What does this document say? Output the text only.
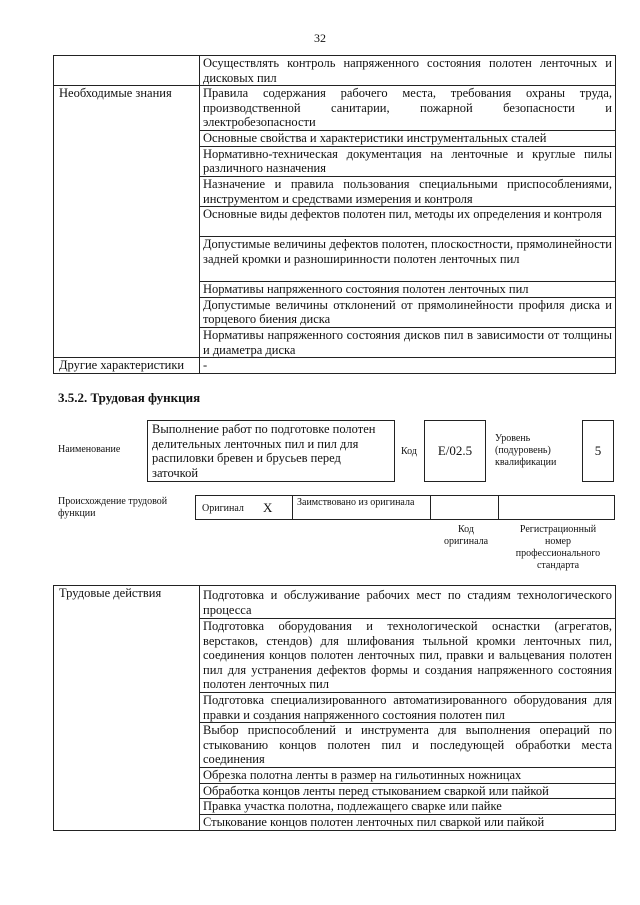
32
	Осуществлять контроль напряженного состояния полотен ленточных и дисковых пил
Необходимые знания	Правила содержания рабочего места, требования охраны труда, производственной санитарии, пожарной безопасности и электробезопасности
	Основные свойства и характеристики инструментальных сталей
	Нормативно-техническая документация на ленточные и круглые пилы различного назначения
	Назначение и правила пользования специальными приспособлениями, инструментом и средствами измерения и контроля
	Основные виды дефектов полотен пил, методы их определения и контроля
	Допустимые величины дефектов полотен, плоскостности, прямолинейности задней кромки и разноширинности полотен ленточных пил
	Нормативы напряженного состояния полотен ленточных пил
	Допустимые величины отклонений от прямолинейности профиля диска и торцевого биения диска
	Нормативы напряженного состояния дисков пил в зависимости от толщины и диаметра диска
Другие характеристики	-
3.5.2. Трудовая функция
Наименование
Выполнение работ по подготовке полотен делительных ленточных пил и пил для распиловки бревен и брусьев перед заточкой
Код Е/02.5
Уровень (подуровень) квалификации
5
Происхождение трудовой функции	Оригинал X Заимствовано из оригинала
Код оригинала
Регистрационный номер профессионального стандарта
Трудовые действия	Подготовка и обслуживание рабочих мест по стадиям технологического процесса
Подготовка оборудования и технологической оснастки (агрегатов, верстаков, стендов) для шлифования тыльной кромки ленточных пил, соединения концов полотен ленточных пил, правки и вальцевания полотен пил для устранения дефектов формы и создания напряженного состояния полотен ленточных пил
Подготовка специализированного автоматизированного оборудования для правки и создания напряженного состояния полотен пил
Выбор приспособлений и инструмента для выполнения операций по стыкованию концов полотен пил и последующей обработки места соединения
Обрезка полотна ленты в размер на гильотинных ножницах
Обработка концов ленты перед стыкованием сваркой или пайкой
Правка участка полотна, подлежащего сварке или пайке
Стыкование концов полотен ленточных пил сваркой или пайкой
